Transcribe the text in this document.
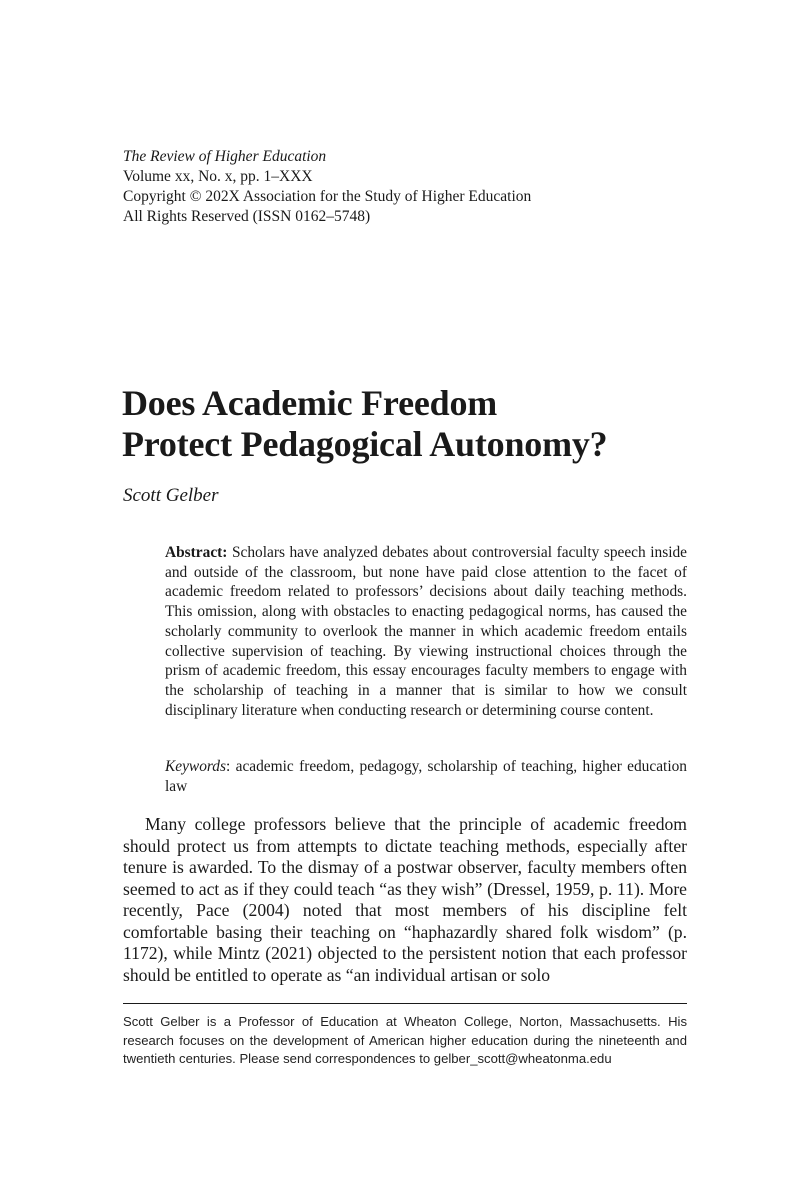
The Review of Higher Education
Volume xx, No. x, pp. 1–XXX
Copyright © 202X Association for the Study of Higher Education
All Rights Reserved (ISSN 0162–5748)
Does Academic Freedom
Protect Pedagogical Autonomy?
Scott Gelber

Abstract: Scholars have analyzed debates about controversial faculty speech inside and outside of the classroom, but none have paid close attention to the facet of academic freedom related to professors’ decisions about daily teaching methods. This omission, along with obstacles to enacting pedagogical norms, has caused the scholarly community to overlook the manner in which academic freedom entails collective supervision of teaching. By viewing instructional choices through the prism of academic freedom, this essay encourages faculty members to engage with the scholarship of teaching in a manner that is similar to how we consult disciplinary literature when conducting research or determining course content.

Keywords: academic freedom, pedagogy, scholarship of teaching, higher education law

Many college professors believe that the principle of academic freedom should protect us from attempts to dictate teaching methods, especially after tenure is awarded. To the dismay of a postwar observer, faculty members often seemed to act as if they could teach “as they wish” (Dressel, 1959, p. 11). More recently, Pace (2004) noted that most members of his discipline felt comfortable basing their teaching on “haphazardly shared folk wisdom” (p. 1172), while Mintz (2021) objected to the persistent notion that each professor should be entitled to operate as “an individual artisan or solo

Scott Gelber is a Professor of Education at Wheaton College, Norton, Massachusetts. His research focuses on the development of American higher education during the nineteenth and twentieth centuries. Please send correspondences to gelber_scott@wheatonma.edu
